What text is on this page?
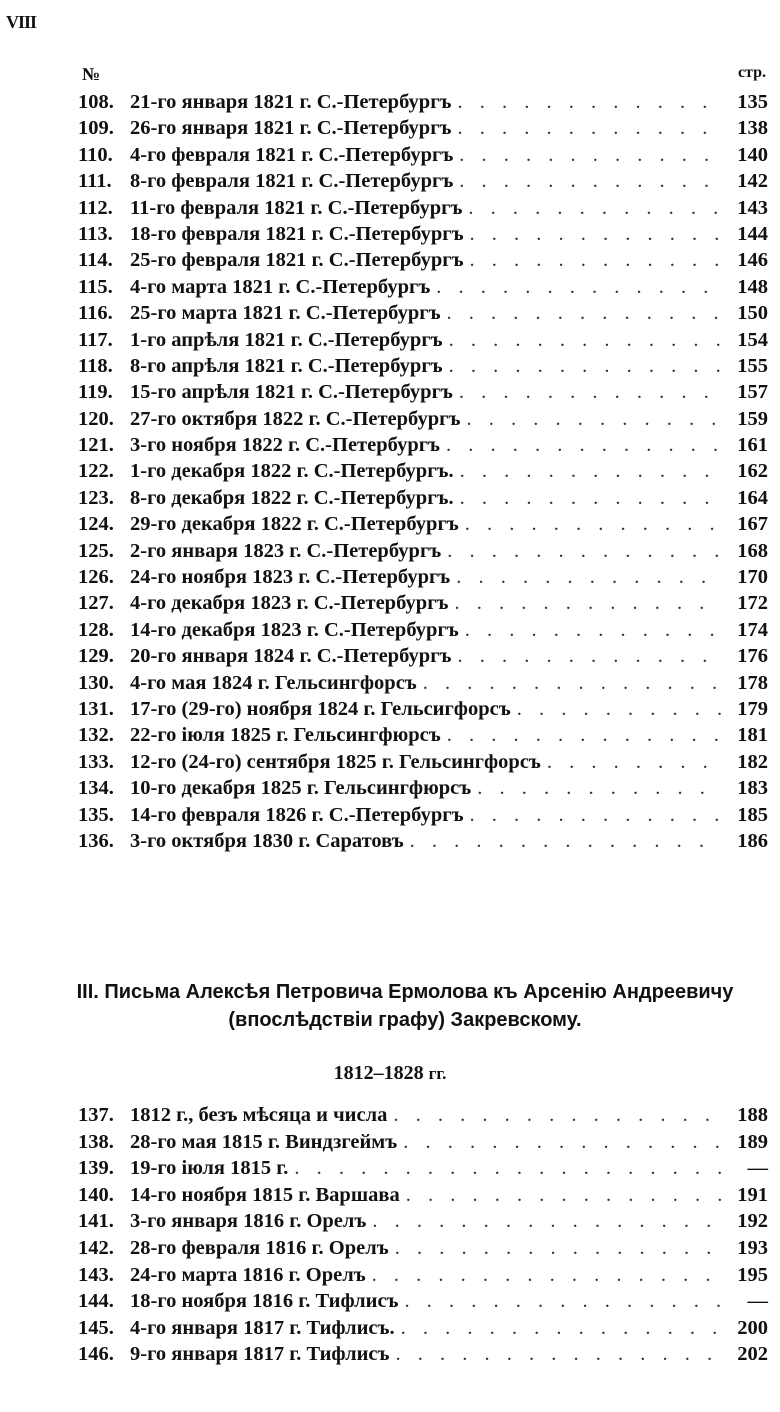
VIII
№	стр.
108. 21-го января 1821 г. С.-Петербургъ . . .	135
109. 26-го января 1821 г. С.-Петербургъ . . .	138
110. 4-го февраля 1821 г. С.-Петербургъ . . .	140
111. 8-го февраля 1821 г. С.-Петербургъ . . .	142
112. 11-го февраля 1821 г. С.-Петербургъ . . .	143
113. 18-го февраля 1821 г. С.-Петербургъ . . .	144
114. 25-го февраля 1821 г. С.-Петербургъ . . .	146
115. 4-го марта 1821 г. С.-Петербургъ . . .	148
116. 25-го марта 1821 г. С.-Петербургъ . . .	150
117. 1-го апрѣля 1821 г. С.-Петербургъ . . .	154
118. 8-го апрѣля 1821 г. С.-Петербургъ . . .	155
119. 15-го апрѣля 1821 г. С.-Петербургъ . . .	157
120. 27-го октября 1822 г. С.-Петербургъ . . .	159
121. 3-го ноября 1822 г. С.-Петербургъ . . .	161
122. 1-го декабря 1822 г. С.-Петербургъ. . . .	162
123. 8-го декабря 1822 г. С.-Петербургъ. . . .	164
124. 29-го декабря 1822 г. С.-Петербургъ . . .	167
125. 2-го января 1823 г. С.-Петербургъ . . .	168
126. 24-го ноября 1823 г. С.-Петербургъ . . .	170
127. 4-го декабря 1823 г. С.-Петербургъ . . .	172
128. 14-го декабря 1823 г. С.-Петербургъ . . .	174
129. 20-го января 1824 г. С.-Петербургъ . . .	176
130. 4-го мая 1824 г. Гельсингфорсъ . . .	178
131. 17-го (29-го) ноября 1824 г. Гельсигфорсъ . . .	179
132. 22-го іюля 1825 г. Гельсингфюрсъ . . .	181
133. 12-го (24-го) сентября 1825 г. Гельсингфорсъ . . .	182
134. 10-го декабря 1825 г. Гельсингфюрсъ . . .	183
135. 14-го февраля 1826 г. С.-Петербургъ . . .	185
136. 3-го октября 1830 г. Саратовъ . . .	186
III. Письма Алексѣя Петровича Ермолова къ Арсенію Андреевичу
(впослѣдствіи графу) Закревскому.
1812–1828 гг.
137. 1812 г., безъ мѣсяца и числа . . .	188
138. 28-го мая 1815 г. Виндзгеймъ . . .	189
139. 19-го іюля 1815 г. . . .	—
140. 14-го ноября 1815 г. Варшава . . .	191
141. 3-го января 1816 г. Орелъ . . .	192
142. 28-го февраля 1816 г. Орелъ . . .	193
143. 24-го марта 1816 г. Орелъ . . .	195
144. 18-го ноября 1816 г. Тифлисъ . . .	—
145. 4-го января 1817 г. Тифлисъ. . . .	200
146. 9-го января 1817 г. Тифлисъ . . .	202
